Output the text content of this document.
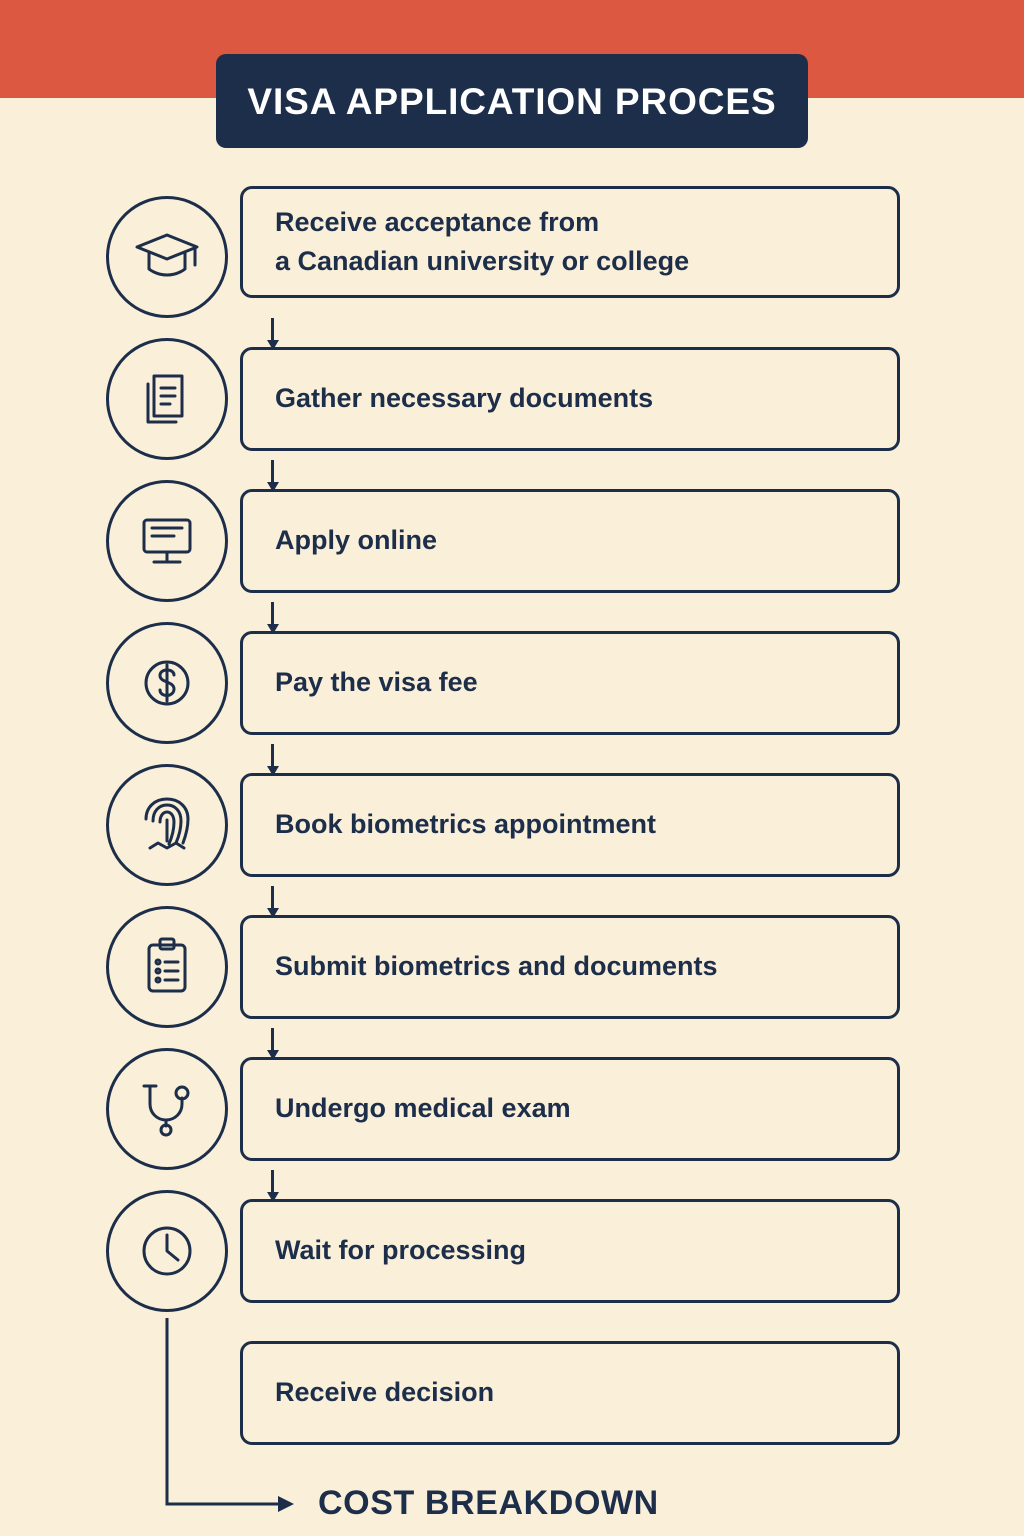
VISA APPLICATION PROCES
Receive acceptance from
a Canadian university or college
Gather necessary documents
Apply online
Pay the visa fee
Book biometrics appointment
Submit biometrics and documents
Undergo medical exam
Wait for processing
Receive decision
COST BREAKDOWN
